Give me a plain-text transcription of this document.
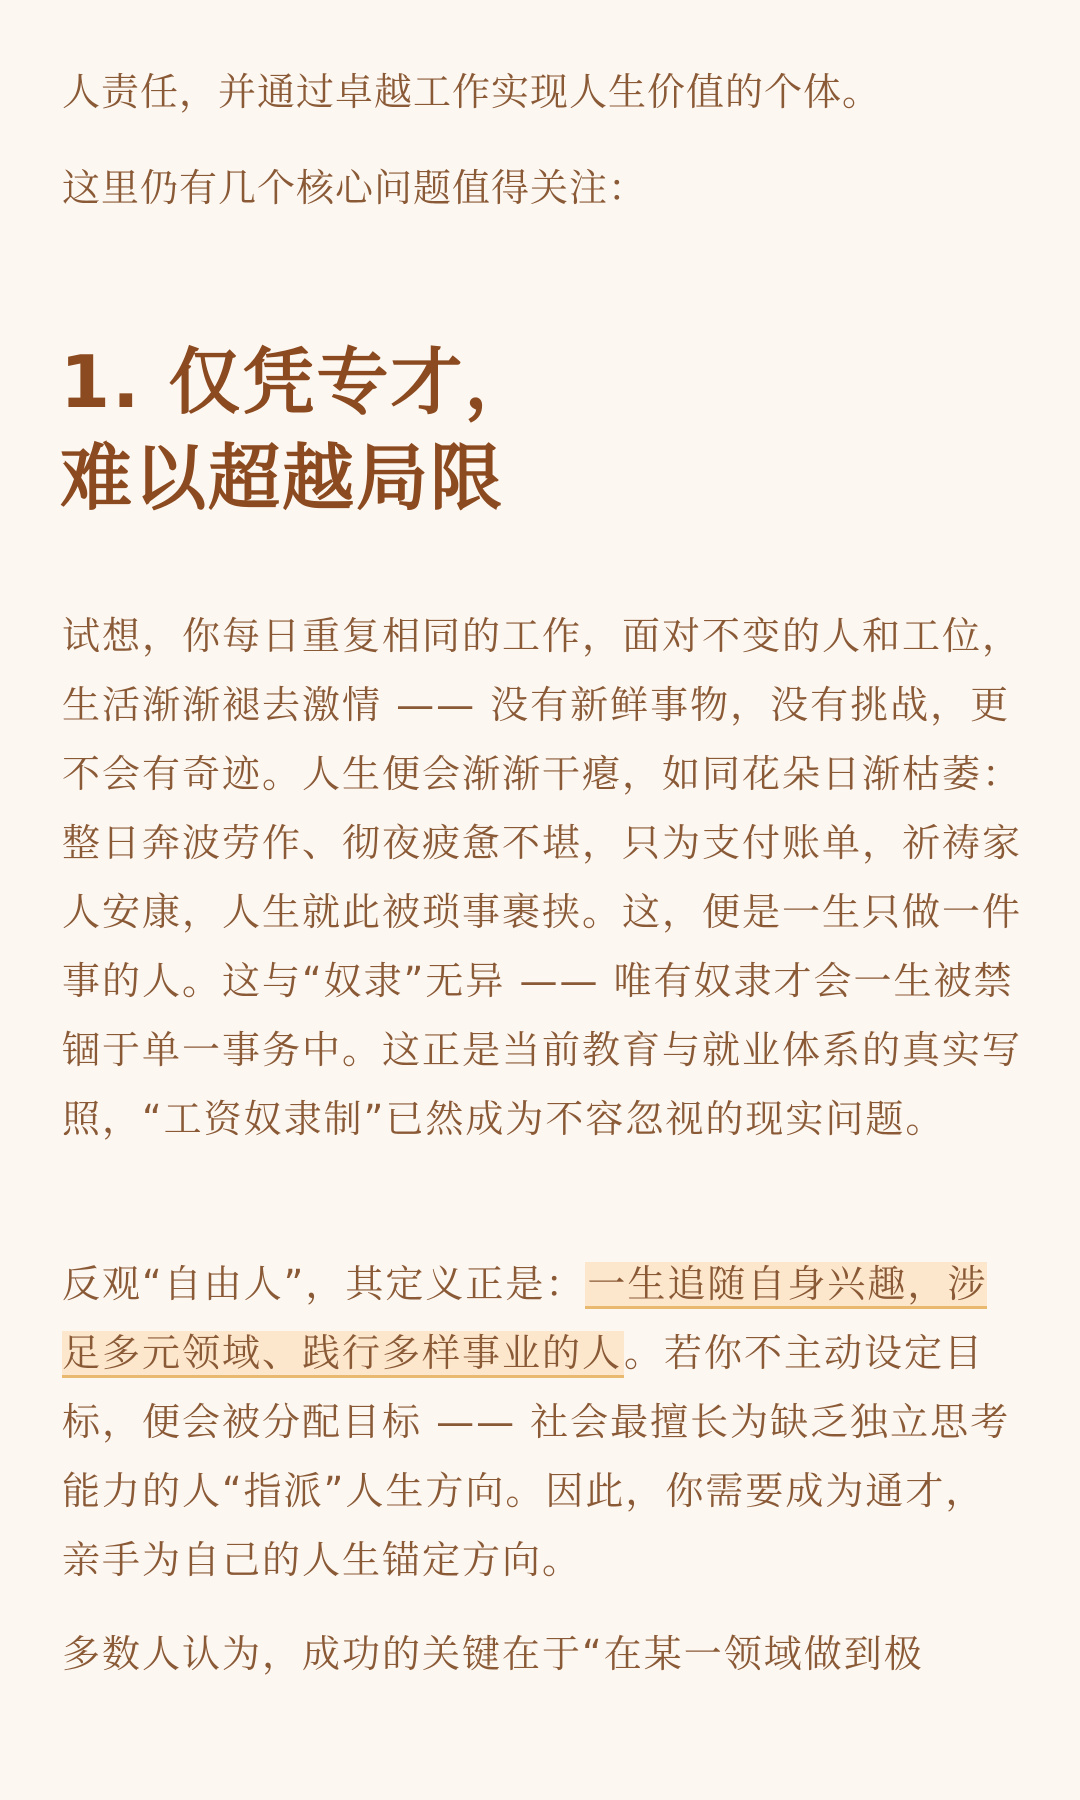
人责任，并通过卓越工作实现人生价值的个体。

这里仍有几个核心问题值得关注：

1. 仅凭专才，
难以超越局限

试想，你每日重复相同的工作，面对不变的人和工位，生活渐渐褪去激情 —— 没有新鲜事物，没有挑战，更不会有奇迹。人生便会渐渐干瘪，如同花朵日渐枯萎：整日奔波劳作、彻夜疲惫不堪，只为支付账单，祈祷家人安康，人生就此被琐事裹挟。这，便是一生只做一件事的人。这与“奴隶”无异 —— 唯有奴隶才会一生被禁锢于单一事务中。这正是当前教育与就业体系的真实写照，“工资奴隶制”已然成为不容忽视的现实问题。

反观“自由人”，其定义正是：一生追随自身兴趣，涉足多元领域、践行多样事业的人。若你不主动设定目标，便会被分配目标 —— 社会最擅长为缺乏独立思考能力的人“指派”人生方向。因此，你需要成为通才，亲手为自己的人生锚定方向。

多数人认为，成功的关键在于“在某一领域做到极
